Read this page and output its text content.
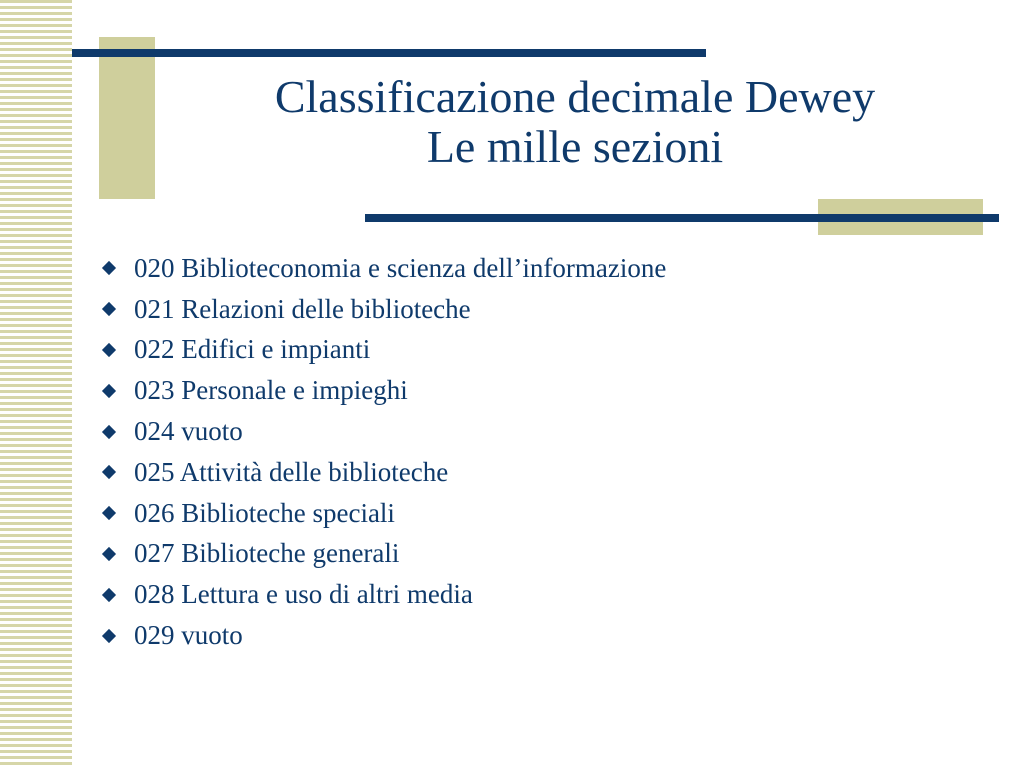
Classificazione decimale Dewey
Le mille sezioni
020 Biblioteconomia e scienza dell’informazione
021 Relazioni delle biblioteche
022 Edifici e impianti
023 Personale e impieghi
024 vuoto
025 Attività delle biblioteche
026 Biblioteche speciali
027 Biblioteche generali
028 Lettura e uso di altri media
029 vuoto
